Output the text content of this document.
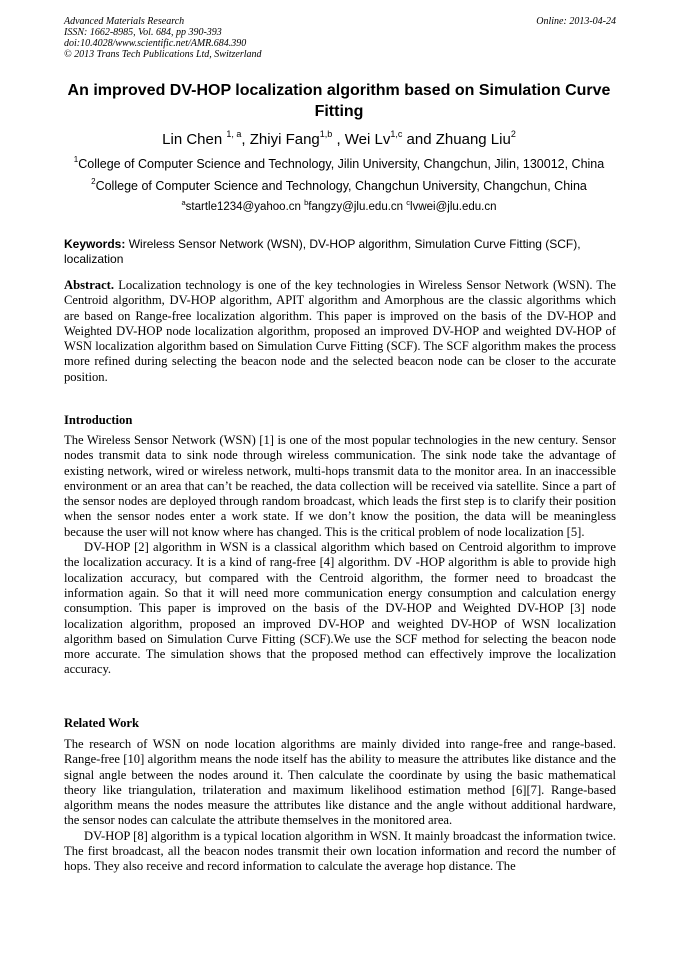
Advanced Materials Research
ISSN: 1662-8985, Vol. 684, pp 390-393
doi:10.4028/www.scientific.net/AMR.684.390
© 2013 Trans Tech Publications Ltd, Switzerland
Online: 2013-04-24
An improved DV-HOP localization algorithm based on Simulation Curve Fitting
Lin Chen $^{1, a}$, Zhiyi Fang$^{1,b}$ , Wei Lv$^{1,c}$ and Zhuang Liu$^2$
$^1$College of Computer Science and Technology, Jilin University, Changchun, Jilin, 130012, China
$^2$College of Computer Science and Technology, Changchun University, Changchun, China
$^a$startle1234@yahoo.cn $^b$fangzy@jlu.edu.cn $^c$lvwei@jlu.edu.cn
Keywords: Wireless Sensor Network (WSN), DV-HOP algorithm, Simulation Curve Fitting (SCF), localization

Abstract. Localization technology is one of the key technologies in Wireless Sensor Network (WSN). The Centroid algorithm, DV-HOP algorithm, APIT algorithm and Amorphous are the classic algorithms which are based on Range-free localization algorithm. This paper is improved on the basis of the DV-HOP and Weighted DV-HOP node localization algorithm, proposed an improved DV-HOP and weighted DV-HOP of WSN localization algorithm based on Simulation Curve Fitting (SCF). The SCF algorithm makes the process more refined during selecting the beacon node and the selected beacon node can be closer to the accurate position.

Introduction

The Wireless Sensor Network (WSN) [1] is one of the most popular technologies in the new century. Sensor nodes transmit data to sink node through wireless communication. The sink node take the advantage of existing network, wired or wireless network, multi-hops transmit data to the monitor area. In an inaccessible environment or an area that can’t be reached, the data collection will be received via satellite. Since a part of the sensor nodes are deployed through random broadcast, which leads the first step is to clarify their position when the sensor nodes enter a work state. If we don’t know the position, the data will be meaningless because the user will not know where has changed. This is the critical problem of node localization [5].

DV-HOP [2] algorithm in WSN is a classical algorithm which based on Centroid algorithm to improve the localization accuracy. It is a kind of rang-free [4] algorithm. DV -HOP algorithm is able to provide high localization accuracy, but compared with the Centroid algorithm, the former need to broadcast the information again. So that it will need more communication energy consumption and calculation energy consumption. This paper is improved on the basis of the DV-HOP and Weighted DV-HOP [3] node localization algorithm, proposed an improved DV-HOP and weighted DV-HOP of WSN localization algorithm based on Simulation Curve Fitting (SCF).We use the SCF method for selecting the beacon node more accurate. The simulation shows that the proposed method can effectively improve the localization accuracy.

Related Work

The research of WSN on node location algorithms are mainly divided into range-free and range-based. Range-free [10] algorithm means the node itself has the ability to measure the attributes like distance and the signal angle between the nodes around it. Then calculate the coordinate by using the basic mathematical theory like triangulation, trilateration and maximum likelihood estimation method [6][7]. Range-based algorithm means the nodes measure the attributes like distance and the angle without additional hardware, the sensor nodes can calculate the attribute themselves in the monitored area.

DV-HOP [8] algorithm is a typical location algorithm in WSN. It mainly broadcast the information twice. The first broadcast, all the beacon nodes transmit their own location information and record the number of hops. They also receive and record information to calculate the average hop distance. The
